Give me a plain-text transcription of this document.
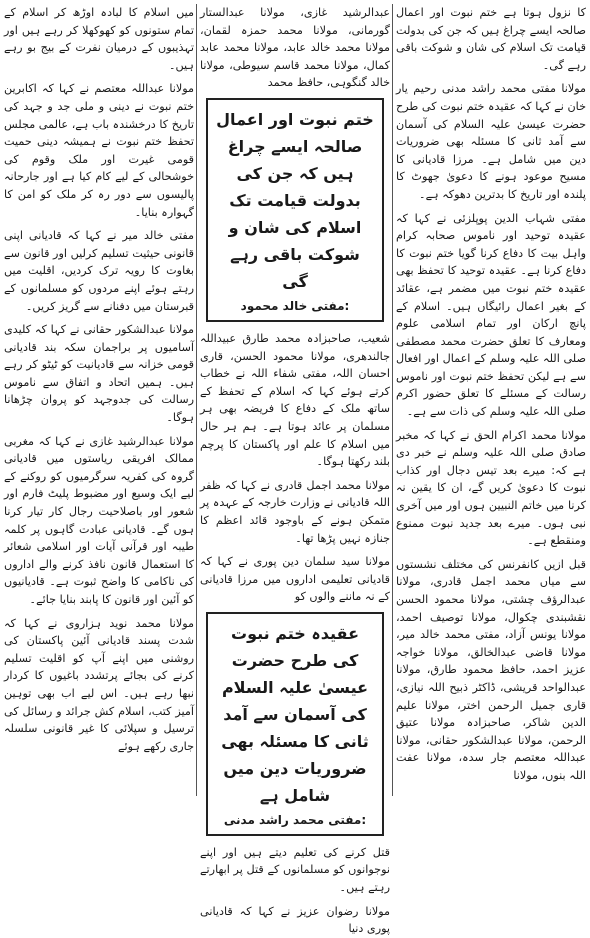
کا نزول ہوتا ہے ختم نبوت اور اعمال صالحہ ایسے چراغ ہیں کہ جن کی بدولت قیامت تک اسلام کی شان و شوکت باقی رہے گی۔

مولانا مفتی محمد راشد مدنی رحیم یار خان نے کہا کہ عقیدہ ختم نبوت کی طرح حضرت عیسیٰ علیہ السلام کی آسمان سے آمد ثانی کا مسئلہ بھی ضروریات دین میں شامل ہے۔ مرزا قادیانی کا مسیح موعود ہونے کا دعویٰ جھوٹ کا پلندہ اور تاریخ کا بدترین دھوکہ ہے۔

مفتی شہاب الدین پوپلزئی نے کہا کہ عقیدہ توحید اور ناموس صحابہ کرام واہل بیت کا دفاع کرنا گویا ختم نبوت کا دفاع کرنا ہے۔ عقیدہ توحید کا تحفظ بھی عقیدہ ختم نبوت میں مضمر ہے، عقائد کے بغیر اعمال رائیگاں ہیں۔ اسلام کے پانچ ارکان اور تمام اسلامی علوم ومعارف کا تعلق حضرت محمد مصطفی صلی اللہ علیہ وسلم کے اعمال اور افعال سے ہے لیکن تحفظ ختم نبوت اور ناموس رسالت کے مسئلے کا تعلق حضور اکرم صلی اللہ علیہ وسلم کی ذات سے ہے۔

مولانا محمد اکرام الحق نے کہا کہ مخبر صادق صلی اللہ علیہ وسلم نے خبر دی ہے کہ: میرے بعد تیس دجال اور کذاب نبوت کا دعویٰ کریں گے، ان کا یقین نہ کرنا میں خاتم النبیین ہوں اور میں آخری نبی ہوں۔ میرے بعد جدید نبوت ممنوع ومنقطع ہے۔

قبل ازیں کانفرنس کی مختلف نشستوں سے میاں محمد اجمل قادری، مولانا عبدالرؤف چشتی، مولانا محمود الحسن نقشبندی چکوال، مولانا توصیف احمد، مولانا یونس آزاد، مفتی محمد خالد میر، مولانا قاضی عبدالخالق، مولانا خواجہ عزیز احمد، حافظ محمود طارق، مولانا عبدالواحد قریشی، ڈاکٹر ذبیح اللہ نیازی، قاری جمیل الرحمن اختر، مولانا علیم الدین شاکر، صاحبزادہ مولانا عتیق الرحمن، مولانا عبدالشکور حقانی، مولانا عبداللہ معتصم جار سدہ، مولانا عفت اللہ بنوں، مولانا

عبدالرشید غازی، مولانا عبدالستار گورمانی، مولانا محمد حمزہ لقمان، مولانا محمد خالد عابد، مولانا محمد عابد کمال، مولانا محمد قاسم سیوطی، مولانا خالد گنگوہی، حافظ محمد

ختم نبوت اور اعمال صالحہ ایسے چراغ ہیں کہ جن کی بدولت قیامت تک اسلام کی شان و شوکت باقی رہے گی

:مفتی خالد محمود

شعیب، صاحبزادہ محمد طارق عبیداللہ جالندھری، مولانا محمود الحسن، قاری احسان اللہ، مفتی شفاء اللہ نے خطاب کرتے ہوئے کہا کہ اسلام کے تحفظ کے ساتھ ملک کے دفاع کا فریضہ بھی ہر مسلمان پر عائد ہوتا ہے۔ ہم ہر حال میں اسلام کا علم اور پاکستان کا پرچم بلند رکھتا ہوگا۔

مولانا محمد اجمل قادری نے کہا کہ ظفر اللہ قادیانی نے وزارت خارجہ کے عہدہ پر متمکن ہونے کے باوجود قائد اعظم کا جنازہ نہیں پڑھا تھا۔

مولانا سید سلمان دین پوری نے کہا کہ قادیانی تعلیمی اداروں میں مرزا قادیانی کے نہ ماننے والوں کو

عقیدہ ختم نبوت کی طرح حضرت عیسیٰ علیہ السلام کی آسمان سے آمد ثانی کا مسئلہ بھی ضروریات دین میں شامل ہے

:مفتی محمد راشد مدنی

قتل کرنے کی تعلیم دیتے ہیں اور اپنے نوجوانوں کو مسلمانوں کے قتل پر ابھارتے رہتے ہیں۔

مولانا رضوان عزیز نے کہا کہ قادیانی پوری دنیا

میں اسلام کا لبادہ اوڑھ کر اسلام کے تمام ستونوں کو کھوکھلا کر رہے ہیں اور تہذیبوں کے درمیان نفرت کے بیج بو رہے ہیں۔

مولانا عبداللہ معتصم نے کہا کہ اکابرین ختم نبوت نے دینی و ملی جد و جہد کی تاریخ کا درخشندہ باب ہے، عالمی مجلس تحفظ ختم نبوت نے ہمیشہ دینی حمیت قومی غیرت اور ملک وقوم کی خوشحالی کے لیے کام کیا ہے اور جارحانہ پالیسوں سے دور رہ کر ملک کو امن کا گہوارہ بنایا۔

مفتی خالد میر نے کہا کہ قادیانی اپنی قانونی حیثیت تسلیم کرلیں اور قانون سے بغاوت کا رویہ ترک کردیں، اقلیت میں رہتے ہوئے اپنے مردوں کو مسلمانوں کے قبرستان میں دفنانے سے گریز کریں۔

مولانا عبدالشکور حقانی نے کہا کہ کلیدی آسامیوں پر براجمان سکہ بند قادیانی قومی خزانہ سے قادیانیت کو ٹیٹو کر رہے ہیں۔ ہمیں اتحاد و اتفاق سے ناموس رسالت کی جدوجہد کو پروان چڑھانا ہوگا۔

مولانا عبدالرشید غازی نے کہا کہ مغربی ممالک افریقی ریاستوں میں قادیانی گروہ کی کفریہ سرگرمیوں کو روکنے کے لیے ایک وسیع اور مضبوط پلیٹ فارم اور شعور اور باصلاحیت رجال کار تیار کرنا ہوں گے۔ قادیانی عبادت گاہوں پر کلمہ طیبہ اور قرآنی آیات اور اسلامی شعائر کا استعمال قانون نافذ کرنے والے اداروں کی ناکامی کا واضح ثبوت ہے۔ قادیانیوں کو آئین اور قانون کا پابند بنایا جائے۔

مولانا محمد نوید ہزاروی نے کہا کہ شدت پسند قادیانی آئین پاکستان کی روشنی میں اپنے آپ کو اقلیت تسلیم کرنے کی بجائے پرتشدد باغیوں کا کردار نبھا رہے ہیں۔ اس لیے اب بھی توہین آمیز کتب، اسلام کش جرائد و رسائل کی ترسیل و سپلائی کا غیر قانونی سلسلہ جاری رکھے ہوئے
